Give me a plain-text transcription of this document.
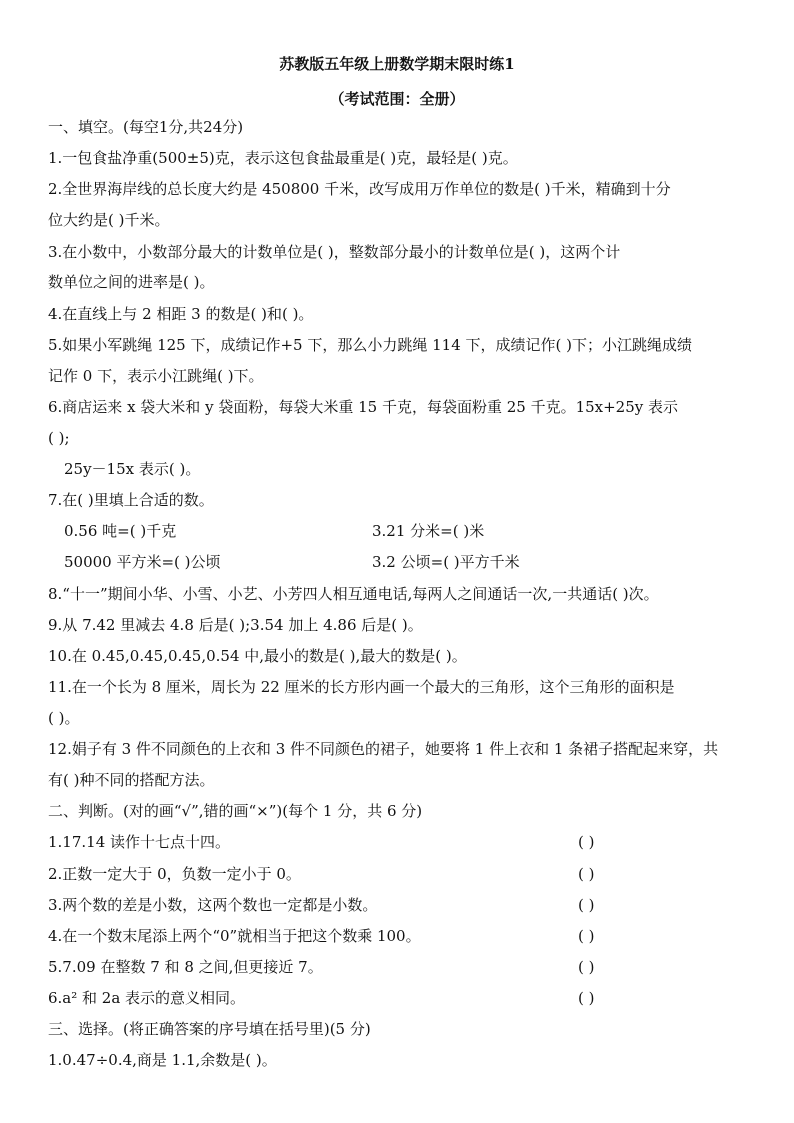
苏教版五年级上册数学期末限时练1
（考试范围：全册）
一、填空。(每空1分,共24分)
1.一包食盐净重(500±5)克，表示这包食盐最重是( )克，最轻是( )克。
2.全世界海岸线的总长度大约是 450800 千米，改写成用万作单位的数是( )千米，精确到十分
位大约是( )千米。
3.在小数中，小数部分最大的计数单位是( )，整数部分最小的计数单位是( )，这两个计
数单位之间的进率是( )。
4.在直线上与 2 相距 3 的数是( )和( )。
5.如果小军跳绳 125 下，成绩记作+5 下，那么小力跳绳 114 下，成绩记作( )下；小江跳绳成绩
记作 0 下，表示小江跳绳( )下。
6.商店运来 x 袋大米和 y 袋面粉，每袋大米重 15 千克，每袋面粉重 25 千克。15x+25y 表示
( );
25y－15x 表示( )。
7.在( )里填上合适的数。
0.56 吨=( )千克	3.21 分米=( )米
50000 平方米=( )公顷	3.2 公顷=( )平方千米
8.“十一”期间小华、小雪、小艺、小芳四人相互通电话,每两人之间通话一次,一共通话( )次。
9.从 7.42 里减去 4.8 后是( );3.54 加上 4.86 后是( )。
10.在 0.45,0.45,0.45,0.54 中,最小的数是( ),最大的数是( )。
11.在一个长为 8 厘米，周长为 22 厘米的长方形内画一个最大的三角形，这个三角形的面积是
( )。
12.娟子有 3 件不同颜色的上衣和 3 件不同颜色的裙子，她要将 1 件上衣和 1 条裙子搭配起来穿，共
有( )种不同的搭配方法。
二、判断。(对的画“√”,错的画“×”)(每个 1 分，共 6 分)
1.17.14 读作十七点十四。	( )
2.正数一定大于 0，负数一定小于 0。	( )
3.两个数的差是小数，这两个数也一定都是小数。	( )
4.在一个数末尾添上两个“0”就相当于把这个数乘 100。	( )
5.7.09 在整数 7 和 8 之间,但更接近 7。	( )
6.a² 和 2a 表示的意义相同。	( )
三、选择。(将正确答案的序号填在括号里)(5 分)
1.0.47÷0.4,商是 1.1,余数是( )。
